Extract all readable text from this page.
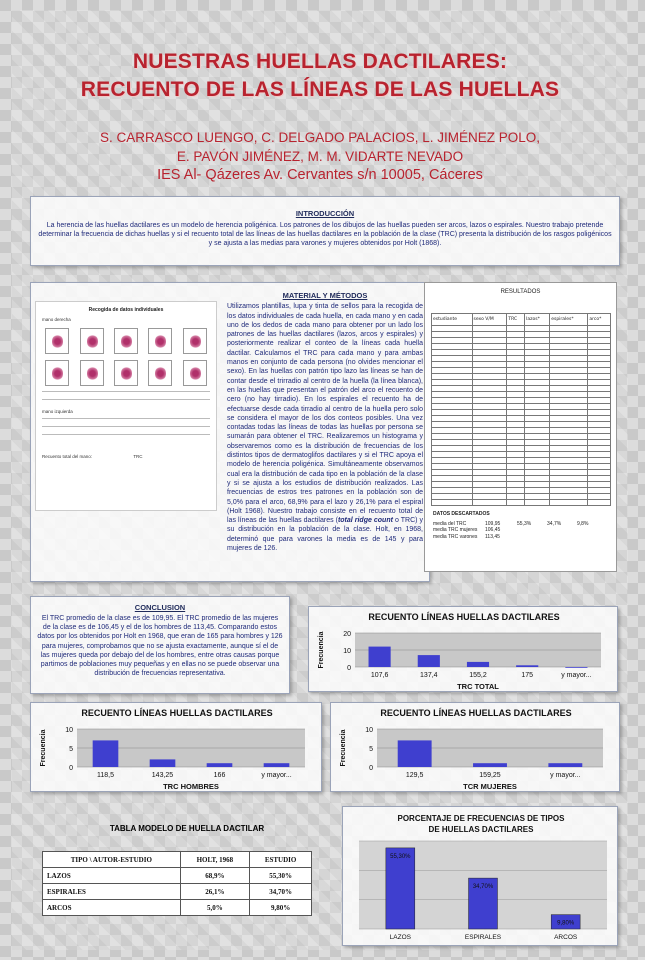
NUESTRAS HUELLAS DACTILARES:
RECUENTO DE LAS LÍNEAS DE LAS HUELLAS
S. CARRASCO LUENGO, C. DELGADO PALACIOS, L. JIMÉNEZ POLO,
E. PAVÓN JIMÉNEZ, M. M. VIDARTE NEVADO
IES Al- Qázeres Av. Cervantes s/n 10005, Cáceres
INTRODUCCIÓN

La herencia de las huellas dactilares es un modelo de herencia poligénica. Los patrones de los dibujos de las huellas pueden ser arcos, lazos o espirales. Nuestro trabajo pretende determinar la frecuencia de dichas huellas y si el recuento total de las líneas de las huellas dactilares en la población de la clase (TRC) presenta la distribución de los rasgos poligénicos y se ajusta a las medias para varones y mujeres obtenidos por Holt (1868).

Recogida de datos individuales
mano derecha
mano izquierda
Recuento total del mano:	TRC
MATERIAL Y MÉTODOS

Utilizamos plantillas, lupa y tinta de sellos para la recogida de los datos individuales de cada huella, en cada mano y en cada uno de los dedos de cada mano para obtener por un lado los patrones de las huellas dactilares (lazos, arcos y espirales) y posteriormente realizar el conteo de la líneas cada huella dactilar. Calculamos el TRC para cada mano y para ambas manos en conjunto de cada persona (no olvides mencionar el sexo). En las huellas con patrón tipo lazo las líneas se han de contar desde el trirradio al centro de la huella (la línea blanca), en las huellas que presentan el patrón del arco el recuento de cero (no hay tirradio). En los espirales el recuento ha de efectuarse desde cada tirradio al centro de la huella pero solo se considera el mayor de los dos conteos posibles. Una vez contadas todas las líneas de todas las huellas por persona se sumarán para obtener el TRC. Realizaremos un histograma y observaremos como es la distribución de frecuencias de los distintos tipos de dermatoglifos dactilares y si el TRC apoya el modelo de herencia poligénica. Simultáneamente observamos cual era la distribución de cada tipo en la población de la clase y si se ajusta a los estudios de distribución realizados. Las frecuencias de estros tres patrones en la población son de 5,0% para el arco, 68,9% para el lazo y 26,1% para el espiral (Holt 1968). Nuestro trabajo consiste en el recuento total de las líneas de las huellas dactilares (total ridge count o TRC) y su distribución en la población de la clase. Holt, en 1968, determinó que para varones la media es de 145 y para mujeres de 126.

RESULTADOS
estudiante	sexo V/M	TRC	lazos*	espirales*	arco*

DATOS DESCARTADOS
media del TRC	109,95	55,3%	34,7%	9,8%
media TRC mujeres 106,45
media TRC varones 113,45
CONCLUSION

El TRC promedio de la clase es de 109,95. El TRC promedio de las mujeres de la clase es de 106,45 y el de los hombres de 113,45. Comparando estos datos por los obtenidos por Holt en 1968, que eran de 165 para hombres y 126 para mujeres, comprobamos que no se ajusta exactamente, aunque sí el de las mujeres queda por debajo del de los hombres, entre otras causas porque partimos de poblaciones muy pequeñas y en ellas no se puede observar una distribución de frecuencias representativa.

RECUENTO LÍNEAS HUELLAS DACTILARES
0
10
20
107,6	137,4	155,2	175	y mayor...
TRC TOTAL
Frecuencia
RECUENTO LÍNEAS HUELLAS DACTILARES
0
5
10
118,5	143,25	166	y mayor...
TRC HOMBRES
Frecuencia
RECUENTO LÍNEAS HUELLAS DACTILARES
0
5
10
129,5	159,25	y mayor...
TCR MUJERES
Frecuencia
PORCENTAJE DE FRECUENCIAS DE TIPOS DE HUELLAS DACTILARES
55,30%
LAZOS
34,70%
ESPIRALES
9,80%
ARCOS
TABLA MODELO DE HUELLA DACTILAR
TIPO \ AUTOR-ESTUDIO	HOLT, 1968	ESTUDIO
LAZOS	68,9%	55,30%
ESPIRALES	26,1%	34,70%
ARCOS	5,0%	9,80%
